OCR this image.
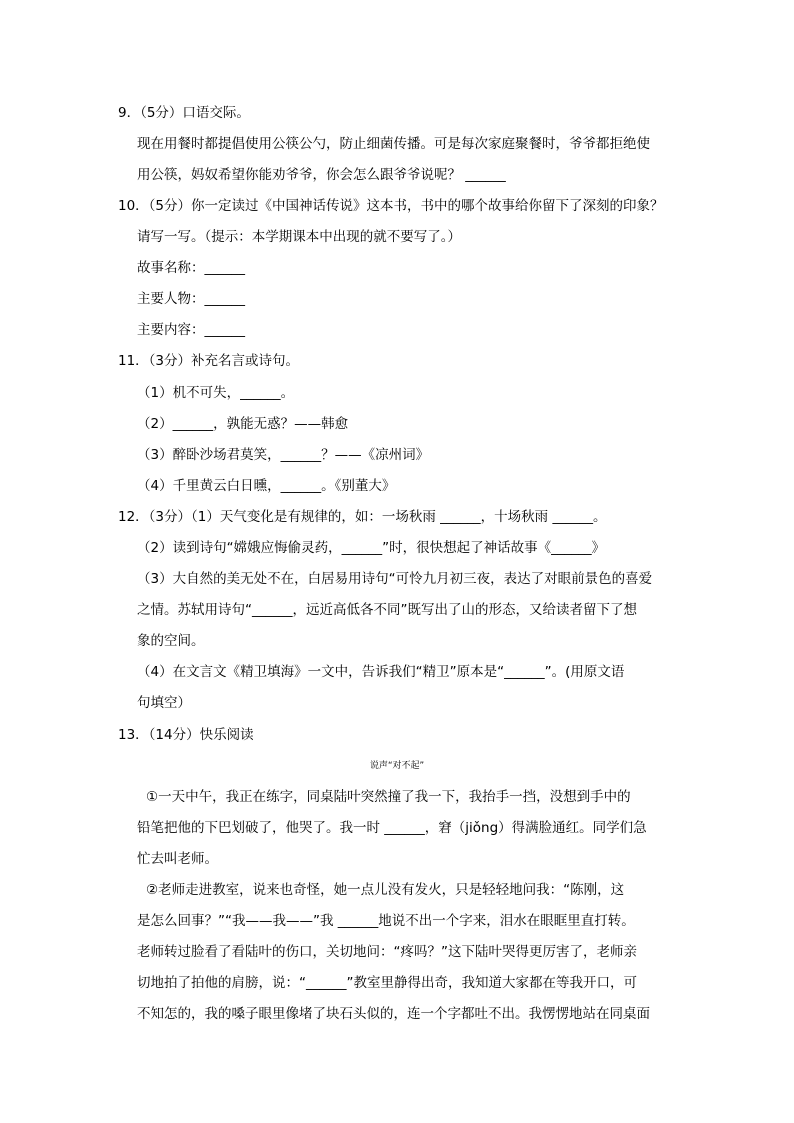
9．（5分）口语交际。
现在用餐时都提倡使用公筷公勺，防止细菌传播。可是每次家庭聚餐时，爷爷都拒绝使
用公筷，妈奴希望你能劝爷爷，你会怎么跟爷爷说呢？ ______
10．（5分）你一定读过《中国神话传说》这本书，书中的哪个故事给你留下了深刻的印象？
请写一写。（提示：本学期课本中出现的就不要写了。）
故事名称：______
主要人物：______
主要内容：______
11．（3分）补充名言或诗句。
（1）机不可失，______。
（2）______，孰能无惑？——韩愈
（3）醉卧沙场君莫笑，______？——《凉州词》
（4）千里黄云白日曛，______。《别董大》
12．（3分）（1）天气变化是有规律的，如：一场秋雨 ______，十场秋雨 ______。
（2）读到诗句“嫦娥应悔偷灵药，______”时，很快想起了神话故事《______》
（3）大自然的美无处不在，白居易用诗句“可怜九月初三夜，表达了对眼前景色的喜爱
之情。苏轼用诗句“______，远近高低各不同”既写出了山的形态，又给读者留下了想
象的空间。
（4）在文言文《精卫填海》一文中，告诉我们“精卫”原本是“______”。(用原文语
句填空）
13．（14分）快乐阅读
说声“对不起”
①一天中午，我正在练字，同桌陆叶突然撞了我一下，我抬手一挡，没想到手中的
铅笔把他的下巴划破了，他哭了。我一时 ______，窘（jiǒng）得满脸通红。同学们急
忙去叫老师。
②老师走进教室，说来也奇怪，她一点儿没有发火，只是轻轻地问我：“陈刚，这
是怎么回事？”“我——我——”我 ______地说不出一个字来，泪水在眼眶里直打转。
老师转过脸看了看陆叶的伤口，关切地问：“疼吗？”这下陆叶哭得更厉害了，老师亲
切地拍了拍他的肩膀，说：“______”教室里静得出奇，我知道大家都在等我开口，可
不知怎的，我的嗓子眼里像堵了块石头似的，连一个字都吐不出。我愣愣地站在同桌面
